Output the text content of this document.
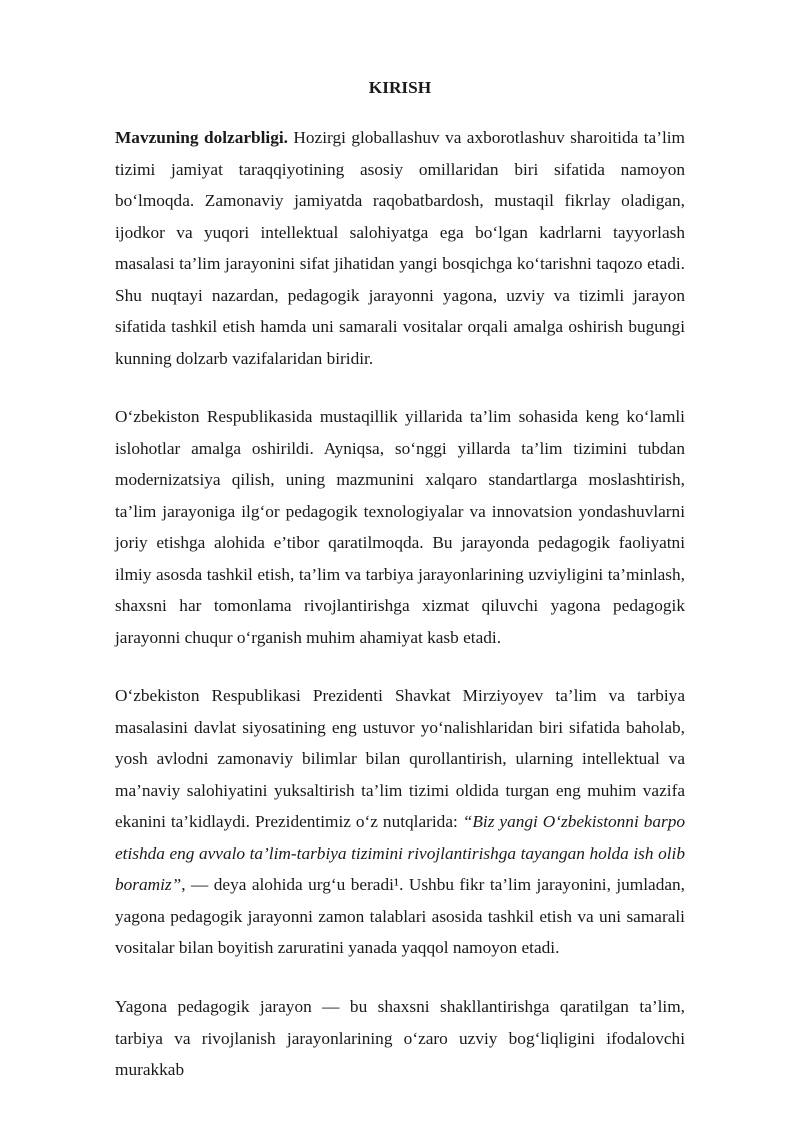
KIRISH

Mavzuning dolzarbligi. Hozirgi globallashuv va axborotlashuv sharoitida ta’lim tizimi jamiyat taraqqiyotining asosiy omillaridan biri sifatida namoyon bo‘lmoqda. Zamonaviy jamiyatda raqobatbardosh, mustaqil fikrlay oladigan, ijodkor va yuqori intellektual salohiyatga ega bo‘lgan kadrlarni tayyorlash masalasi ta’lim jarayonini sifat jihatidan yangi bosqichga ko‘tarishni taqozo etadi. Shu nuqtayi nazardan, pedagogik jarayonni yagona, uzviy va tizimli jarayon sifatida tashkil etish hamda uni samarali vositalar orqali amalga oshirish bugungi kunning dolzarb vazifalaridan biridir.

O‘zbekiston Respublikasida mustaqillik yillarida ta’lim sohasida keng ko‘lamli islohotlar amalga oshirildi. Ayniqsa, so‘nggi yillarda ta’lim tizimini tubdan modernizatsiya qilish, uning mazmunini xalqaro standartlarga moslashtirish, ta’lim jarayoniga ilg‘or pedagogik texnologiyalar va innovatsion yondashuvlarni joriy etishga alohida e’tibor qaratilmoqda. Bu jarayonda pedagogik faoliyatni ilmiy asosda tashkil etish, ta’lim va tarbiya jarayonlarining uzviyligini ta’minlash, shaxsni har tomonlama rivojlantirishga xizmat qiluvchi yagona pedagogik jarayonni chuqur o‘rganish muhim ahamiyat kasb etadi.

O‘zbekiston Respublikasi Prezidenti Shavkat Mirziyoyev ta’lim va tarbiya masalasini davlat siyosatining eng ustuvor yo‘nalishlaridan biri sifatida baholab, yosh avlodni zamonaviy bilimlar bilan qurollantirish, ularning intellektual va ma’naviy salohiyatini yuksaltirish ta’lim tizimi oldida turgan eng muhim vazifa ekanini ta’kidlaydi. Prezidentimiz o‘z nutqlarida: “Biz yangi O‘zbekistonni barpo etishda eng avvalo ta’lim-tarbiya tizimini rivojlantirishga tayangan holda ish olib boramiz”, — deya alohida urg‘u beradi¹. Ushbu fikr ta’lim jarayonini, jumladan, yagona pedagogik jarayonni zamon talablari asosida tashkil etish va uni samarali vositalar bilan boyitish zaruratini yanada yaqqol namoyon etadi.

Yagona pedagogik jarayon — bu shaxsni shakllantirishga qaratilgan ta’lim, tarbiya va rivojlanish jarayonlarining o‘zaro uzviy bog‘liqligini ifodalovchi murakkab
